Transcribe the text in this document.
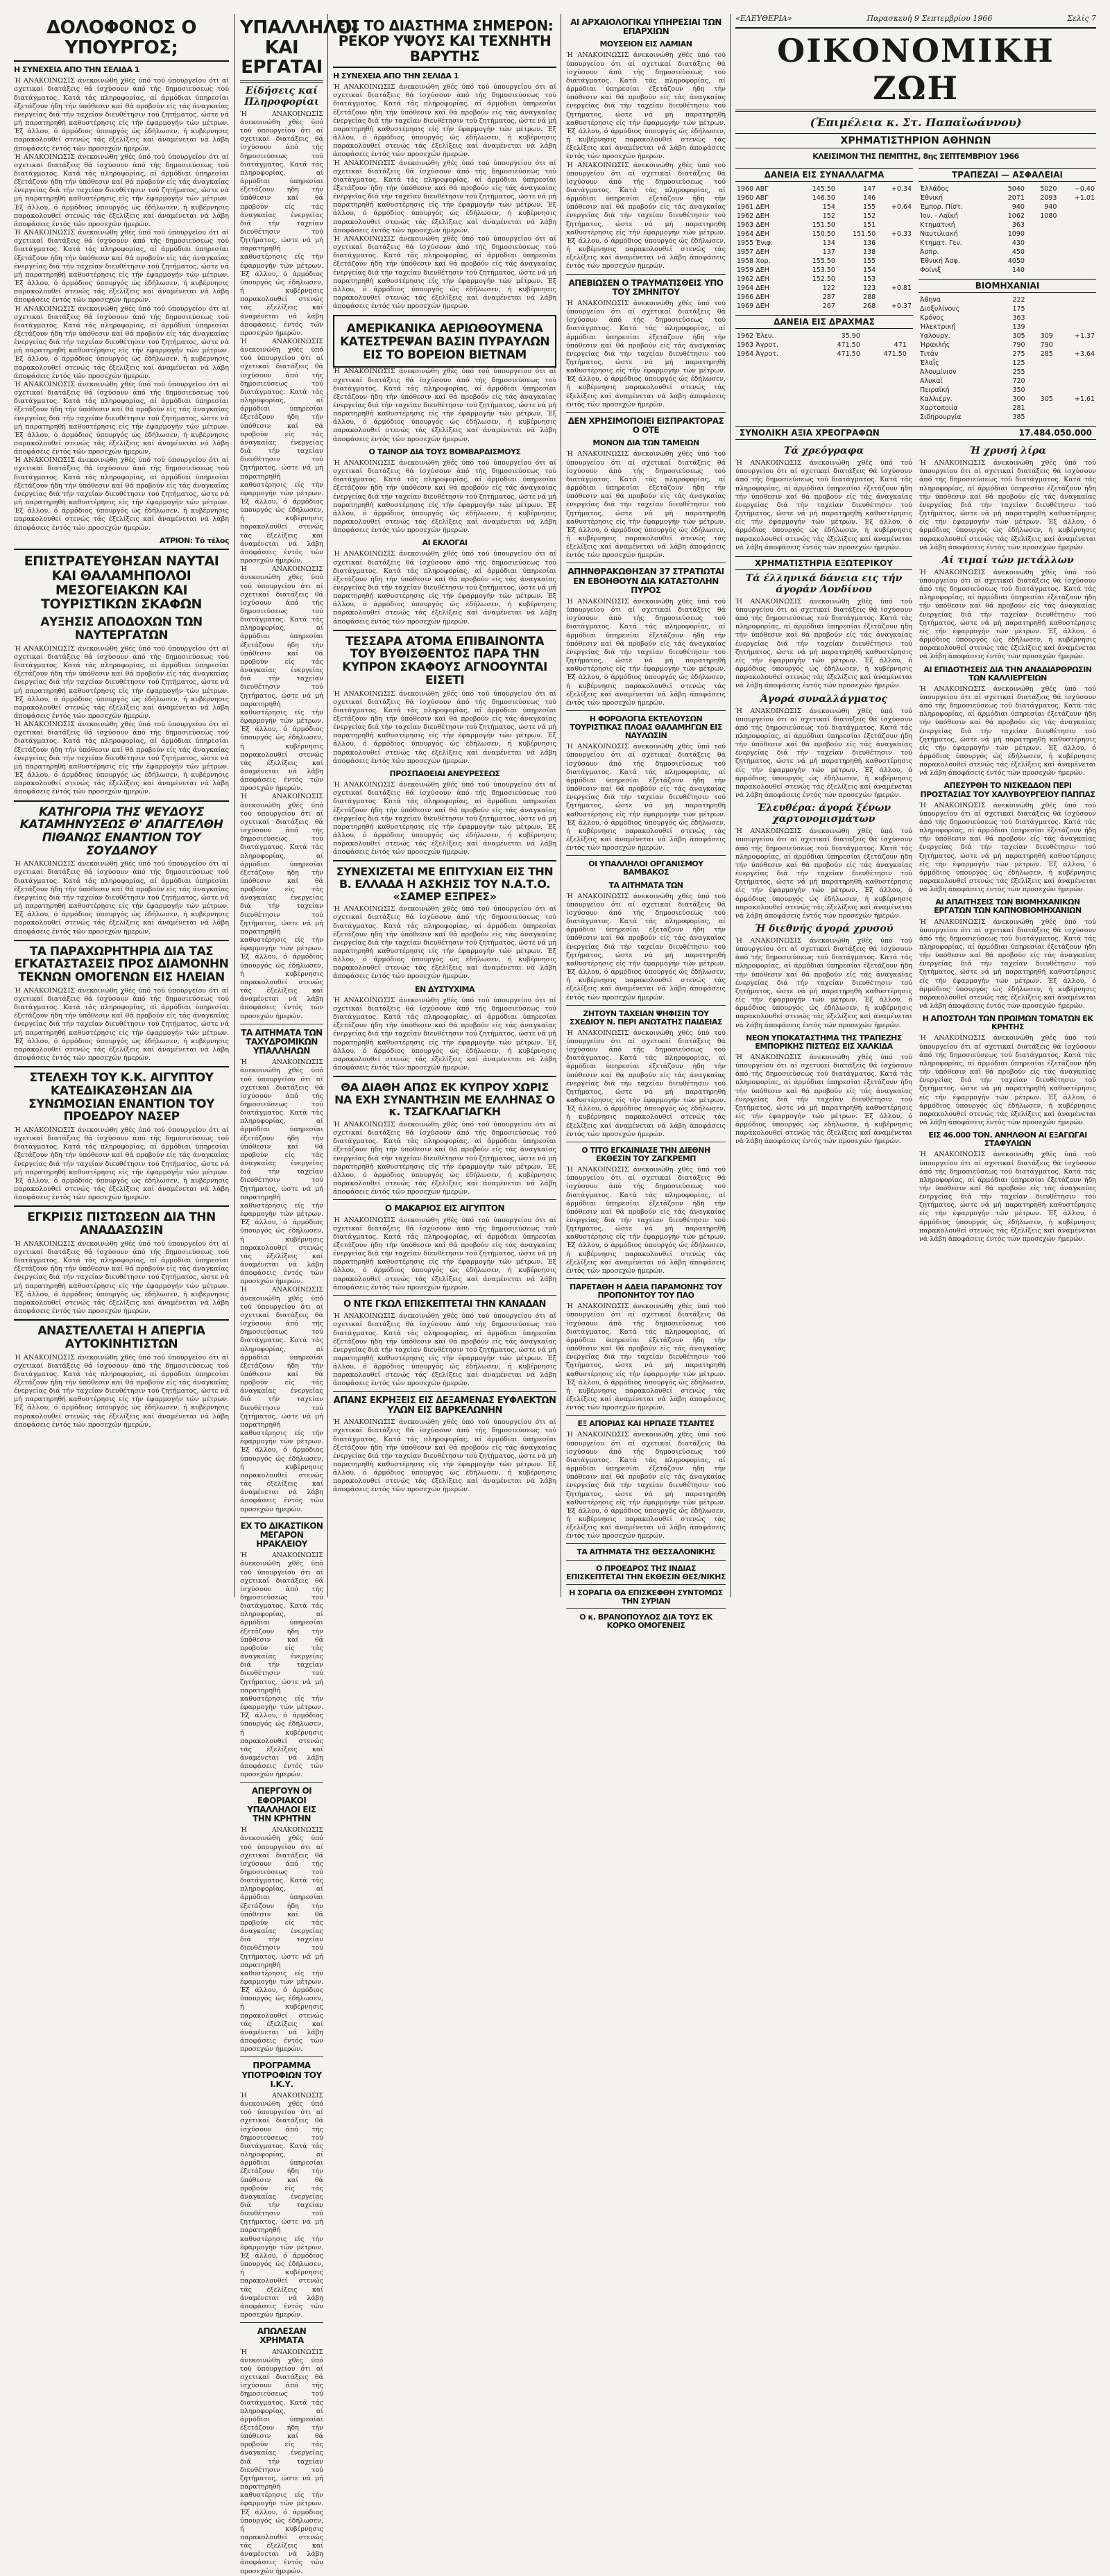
ΔΟΛΟΦΟΝΟΣ Ο ΥΠΟΥΡΓΟΣ;
Η ΣΥΝΕΧΕΙΑ ΑΠΟ ΤΗΝ ΣΕΛΙΔΑ 1

Ή ΑΝΑΚΟΙΝΩΣΙΣ άνεκοινώθη χθές ύπό τού ύπουργείου ότι αί σχετικαί διατάξεις θά ίσχύσουν άπό τής δημοσιεύσεως τού διατάγματος. Κατά τάς πληροφορίας, αί άρμόδιαι ύπηρεσίαι έξετάζουν ήδη τήν ύπόθεσιν καί θά προβούν είς τάς άναγκαίας ένεργείας διά τήν ταχείαν διευθέτησιν τού ζητήματος, ώστε νά μή παρατηρηθή καθυστέρησις είς τήν έφαρμογήν τών μέτρων. Έξ άλλου, ό άρμόδιος ύπουργός ώς έδήλωσεν, ή κυβέρνησις παρακολουθεί στενώς τάς έξελίξεις καί άναμένεται νά λάβη άποφάσεις έντός τών προσεχών ήμερών.

Ή ΑΝΑΚΟΙΝΩΣΙΣ άνεκοινώθη χθές ύπό τού ύπουργείου ότι αί σχετικαί διατάξεις θά ίσχύσουν άπό τής δημοσιεύσεως τού διατάγματος. Κατά τάς πληροφορίας, αί άρμόδιαι ύπηρεσίαι έξετάζουν ήδη τήν ύπόθεσιν καί θά προβούν είς τάς άναγκαίας ένεργείας διά τήν ταχείαν διευθέτησιν τού ζητήματος, ώστε νά μή παρατηρηθή καθυστέρησις είς τήν έφαρμογήν τών μέτρων. Έξ άλλου, ό άρμόδιος ύπουργός ώς έδήλωσεν, ή κυβέρνησις παρακολουθεί στενώς τάς έξελίξεις καί άναμένεται νά λάβη άποφάσεις έντός τών προσεχών ήμερών.

Ή ΑΝΑΚΟΙΝΩΣΙΣ άνεκοινώθη χθές ύπό τού ύπουργείου ότι αί σχετικαί διατάξεις θά ίσχύσουν άπό τής δημοσιεύσεως τού διατάγματος. Κατά τάς πληροφορίας, αί άρμόδιαι ύπηρεσίαι έξετάζουν ήδη τήν ύπόθεσιν καί θά προβούν είς τάς άναγκαίας ένεργείας διά τήν ταχείαν διευθέτησιν τού ζητήματος, ώστε νά μή παρατηρηθή καθυστέρησις είς τήν έφαρμογήν τών μέτρων. Έξ άλλου, ό άρμόδιος ύπουργός ώς έδήλωσεν, ή κυβέρνησις παρακολουθεί στενώς τάς έξελίξεις καί άναμένεται νά λάβη άποφάσεις έντός τών προσεχών ήμερών.

Ή ΑΝΑΚΟΙΝΩΣΙΣ άνεκοινώθη χθές ύπό τού ύπουργείου ότι αί σχετικαί διατάξεις θά ίσχύσουν άπό τής δημοσιεύσεως τού διατάγματος. Κατά τάς πληροφορίας, αί άρμόδιαι ύπηρεσίαι έξετάζουν ήδη τήν ύπόθεσιν καί θά προβούν είς τάς άναγκαίας ένεργείας διά τήν ταχείαν διευθέτησιν τού ζητήματος, ώστε νά μή παρατηρηθή καθυστέρησις είς τήν έφαρμογήν τών μέτρων. Έξ άλλου, ό άρμόδιος ύπουργός ώς έδήλωσεν, ή κυβέρνησις παρακολουθεί στενώς τάς έξελίξεις καί άναμένεται νά λάβη άποφάσεις έντός τών προσεχών ήμερών.

Ή ΑΝΑΚΟΙΝΩΣΙΣ άνεκοινώθη χθές ύπό τού ύπουργείου ότι αί σχετικαί διατάξεις θά ίσχύσουν άπό τής δημοσιεύσεως τού διατάγματος. Κατά τάς πληροφορίας, αί άρμόδιαι ύπηρεσίαι έξετάζουν ήδη τήν ύπόθεσιν καί θά προβούν είς τάς άναγκαίας ένεργείας διά τήν ταχείαν διευθέτησιν τού ζητήματος, ώστε νά μή παρατηρηθή καθυστέρησις είς τήν έφαρμογήν τών μέτρων. Έξ άλλου, ό άρμόδιος ύπουργός ώς έδήλωσεν, ή κυβέρνησις παρακολουθεί στενώς τάς έξελίξεις καί άναμένεται νά λάβη άποφάσεις έντός τών προσεχών ήμερών.

Ή ΑΝΑΚΟΙΝΩΣΙΣ άνεκοινώθη χθές ύπό τού ύπουργείου ότι αί σχετικαί διατάξεις θά ίσχύσουν άπό τής δημοσιεύσεως τού διατάγματος. Κατά τάς πληροφορίας, αί άρμόδιαι ύπηρεσίαι έξετάζουν ήδη τήν ύπόθεσιν καί θά προβούν είς τάς άναγκαίας ένεργείας διά τήν ταχείαν διευθέτησιν τού ζητήματος, ώστε νά μή παρατηρηθή καθυστέρησις είς τήν έφαρμογήν τών μέτρων. Έξ άλλου, ό άρμόδιος ύπουργός ώς έδήλωσεν, ή κυβέρνησις παρακολουθεί στενώς τάς έξελίξεις καί άναμένεται νά λάβη άποφάσεις έντός τών προσεχών ήμερών.

ΑΤΡΙΟΝ: Τό τέλος
ΕΠΙΣΤΡΑΤΕΥΘΗΣΑΝ ΝΑΥΤΑΙ ΚΑΙ ΘΑΛΑΜΗΠΟΛΟΙ ΜΕΣΟΓΕΙΑΚΩΝ ΚΑΙ ΤΟΥΡΙΣΤΙΚΩΝ ΣΚΑΦΩΝ
ΑΥΞΗΣΙΣ ΑΠΟΔΟΧΩΝ ΤΩΝ ΝΑΥΤΕΡΓΑΤΩΝ

Ή ΑΝΑΚΟΙΝΩΣΙΣ άνεκοινώθη χθές ύπό τού ύπουργείου ότι αί σχετικαί διατάξεις θά ίσχύσουν άπό τής δημοσιεύσεως τού διατάγματος. Κατά τάς πληροφορίας, αί άρμόδιαι ύπηρεσίαι έξετάζουν ήδη τήν ύπόθεσιν καί θά προβούν είς τάς άναγκαίας ένεργείας διά τήν ταχείαν διευθέτησιν τού ζητήματος, ώστε νά μή παρατηρηθή καθυστέρησις είς τήν έφαρμογήν τών μέτρων. Έξ άλλου, ό άρμόδιος ύπουργός ώς έδήλωσεν, ή κυβέρνησις παρακολουθεί στενώς τάς έξελίξεις καί άναμένεται νά λάβη άποφάσεις έντός τών προσεχών ήμερών.

Ή ΑΝΑΚΟΙΝΩΣΙΣ άνεκοινώθη χθές ύπό τού ύπουργείου ότι αί σχετικαί διατάξεις θά ίσχύσουν άπό τής δημοσιεύσεως τού διατάγματος. Κατά τάς πληροφορίας, αί άρμόδιαι ύπηρεσίαι έξετάζουν ήδη τήν ύπόθεσιν καί θά προβούν είς τάς άναγκαίας ένεργείας διά τήν ταχείαν διευθέτησιν τού ζητήματος, ώστε νά μή παρατηρηθή καθυστέρησις είς τήν έφαρμογήν τών μέτρων. Έξ άλλου, ό άρμόδιος ύπουργός ώς έδήλωσεν, ή κυβέρνησις παρακολουθεί στενώς τάς έξελίξεις καί άναμένεται νά λάβη άποφάσεις έντός τών προσεχών ήμερών.

ΚΑΤΗΓΟΡΙΑ ΤΗΣ ΨΕΥΔΟΥΣ ΚΑΤΑΜΗΝΥΣΕΩΣ Θ' ΑΠΑΓΓΕΛΘΗ ΠΙΘΑΝΩΣ ΕΝΑΝΤΙΟΝ ΤΟΥ ΣΟΥΔΑΝΟΥ

Ή ΑΝΑΚΟΙΝΩΣΙΣ άνεκοινώθη χθές ύπό τού ύπουργείου ότι αί σχετικαί διατάξεις θά ίσχύσουν άπό τής δημοσιεύσεως τού διατάγματος. Κατά τάς πληροφορίας, αί άρμόδιαι ύπηρεσίαι έξετάζουν ήδη τήν ύπόθεσιν καί θά προβούν είς τάς άναγκαίας ένεργείας διά τήν ταχείαν διευθέτησιν τού ζητήματος, ώστε νά μή παρατηρηθή καθυστέρησις είς τήν έφαρμογήν τών μέτρων. Έξ άλλου, ό άρμόδιος ύπουργός ώς έδήλωσεν, ή κυβέρνησις παρακολουθεί στενώς τάς έξελίξεις καί άναμένεται νά λάβη άποφάσεις έντός τών προσεχών ήμερών.

ΤΑ ΠΑΡΑΧΩΡΗΤΗΡΙΑ ΔΙΑ ΤΑΣ ΕΓΚΑΤΑΣΤΑΣΕΙΣ ΠΡΟΣ ΔΙΑΜΟΝΗΝ ΤΕΚΝΩΝ ΟΜΟΓΕΝΩΝ ΕΙΣ ΗΛΕΙΑΝ

Ή ΑΝΑΚΟΙΝΩΣΙΣ άνεκοινώθη χθές ύπό τού ύπουργείου ότι αί σχετικαί διατάξεις θά ίσχύσουν άπό τής δημοσιεύσεως τού διατάγματος. Κατά τάς πληροφορίας, αί άρμόδιαι ύπηρεσίαι έξετάζουν ήδη τήν ύπόθεσιν καί θά προβούν είς τάς άναγκαίας ένεργείας διά τήν ταχείαν διευθέτησιν τού ζητήματος, ώστε νά μή παρατηρηθή καθυστέρησις είς τήν έφαρμογήν τών μέτρων. Έξ άλλου, ό άρμόδιος ύπουργός ώς έδήλωσεν, ή κυβέρνησις παρακολουθεί στενώς τάς έξελίξεις καί άναμένεται νά λάβη άποφάσεις έντός τών προσεχών ήμερών.

ΣΤΕΛΕΧΗ ΤΟΥ Κ.Κ. ΑΙΓΥΠΤΟΥ ΚΑΤΕΔΙΚΑΣΘΗΣΑΝ ΔΙΑ ΣΥΝΩΜΟΣΙΑΝ ΕΝΑΝΤΙΟΝ ΤΟΥ ΠΡΟΕΔΡΟΥ ΝΑΣΕΡ

Ή ΑΝΑΚΟΙΝΩΣΙΣ άνεκοινώθη χθές ύπό τού ύπουργείου ότι αί σχετικαί διατάξεις θά ίσχύσουν άπό τής δημοσιεύσεως τού διατάγματος. Κατά τάς πληροφορίας, αί άρμόδιαι ύπηρεσίαι έξετάζουν ήδη τήν ύπόθεσιν καί θά προβούν είς τάς άναγκαίας ένεργείας διά τήν ταχείαν διευθέτησιν τού ζητήματος, ώστε νά μή παρατηρηθή καθυστέρησις είς τήν έφαρμογήν τών μέτρων. Έξ άλλου, ό άρμόδιος ύπουργός ώς έδήλωσεν, ή κυβέρνησις παρακολουθεί στενώς τάς έξελίξεις καί άναμένεται νά λάβη άποφάσεις έντός τών προσεχών ήμερών.

ΕΓΚΡΙΣΙΣ ΠΙΣΤΩΣΕΩΝ ΔΙΑ ΤΗΝ ΑΝΑΔΑΣΩΣΙΝ

Ή ΑΝΑΚΟΙΝΩΣΙΣ άνεκοινώθη χθές ύπό τού ύπουργείου ότι αί σχετικαί διατάξεις θά ίσχύσουν άπό τής δημοσιεύσεως τού διατάγματος. Κατά τάς πληροφορίας, αί άρμόδιαι ύπηρεσίαι έξετάζουν ήδη τήν ύπόθεσιν καί θά προβούν είς τάς άναγκαίας ένεργείας διά τήν ταχείαν διευθέτησιν τού ζητήματος, ώστε νά μή παρατηρηθή καθυστέρησις είς τήν έφαρμογήν τών μέτρων. Έξ άλλου, ό άρμόδιος ύπουργός ώς έδήλωσεν, ή κυβέρνησις παρακολουθεί στενώς τάς έξελίξεις καί άναμένεται νά λάβη άποφάσεις έντός τών προσεχών ήμερών.

ΑΝΑΣΤΕΛΛΕΤΑΙ Η ΑΠΕΡΓΙΑ ΑΥΤΟΚΙΝΗΤΙΣΤΩΝ

Ή ΑΝΑΚΟΙΝΩΣΙΣ άνεκοινώθη χθές ύπό τού ύπουργείου ότι αί σχετικαί διατάξεις θά ίσχύσουν άπό τής δημοσιεύσεως τού διατάγματος. Κατά τάς πληροφορίας, αί άρμόδιαι ύπηρεσίαι έξετάζουν ήδη τήν ύπόθεσιν καί θά προβούν είς τάς άναγκαίας ένεργείας διά τήν ταχείαν διευθέτησιν τού ζητήματος, ώστε νά μή παρατηρηθή καθυστέρησις είς τήν έφαρμογήν τών μέτρων. Έξ άλλου, ό άρμόδιος ύπουργός ώς έδήλωσεν, ή κυβέρνησις παρακολουθεί στενώς τάς έξελίξεις καί άναμένεται νά λάβη άποφάσεις έντός τών προσεχών ήμερών.

ΥΠΑΛΛΗΛΟΙ ΚΑΙ ΕΡΓΑΤΑΙ
Είδήσεις καί Πληροφορίαι

Ή ΑΝΑΚΟΙΝΩΣΙΣ άνεκοινώθη χθές ύπό τού ύπουργείου ότι αί σχετικαί διατάξεις θά ίσχύσουν άπό τής δημοσιεύσεως τού διατάγματος. Κατά τάς πληροφορίας, αί άρμόδιαι ύπηρεσίαι έξετάζουν ήδη τήν ύπόθεσιν καί θά προβούν είς τάς άναγκαίας ένεργείας διά τήν ταχείαν διευθέτησιν τού ζητήματος, ώστε νά μή παρατηρηθή καθυστέρησις είς τήν έφαρμογήν τών μέτρων. Έξ άλλου, ό άρμόδιος ύπουργός ώς έδήλωσεν, ή κυβέρνησις παρακολουθεί στενώς τάς έξελίξεις καί άναμένεται νά λάβη άποφάσεις έντός τών προσεχών ήμερών.

Ή ΑΝΑΚΟΙΝΩΣΙΣ άνεκοινώθη χθές ύπό τού ύπουργείου ότι αί σχετικαί διατάξεις θά ίσχύσουν άπό τής δημοσιεύσεως τού διατάγματος. Κατά τάς πληροφορίας, αί άρμόδιαι ύπηρεσίαι έξετάζουν ήδη τήν ύπόθεσιν καί θά προβούν είς τάς άναγκαίας ένεργείας διά τήν ταχείαν διευθέτησιν τού ζητήματος, ώστε νά μή παρατηρηθή καθυστέρησις είς τήν έφαρμογήν τών μέτρων. Έξ άλλου, ό άρμόδιος ύπουργός ώς έδήλωσεν, ή κυβέρνησις παρακολουθεί στενώς τάς έξελίξεις καί άναμένεται νά λάβη άποφάσεις έντός τών προσεχών ήμερών.

Ή ΑΝΑΚΟΙΝΩΣΙΣ άνεκοινώθη χθές ύπό τού ύπουργείου ότι αί σχετικαί διατάξεις θά ίσχύσουν άπό τής δημοσιεύσεως τού διατάγματος. Κατά τάς πληροφορίας, αί άρμόδιαι ύπηρεσίαι έξετάζουν ήδη τήν ύπόθεσιν καί θά προβούν είς τάς άναγκαίας ένεργείας διά τήν ταχείαν διευθέτησιν τού ζητήματος, ώστε νά μή παρατηρηθή καθυστέρησις είς τήν έφαρμογήν τών μέτρων. Έξ άλλου, ό άρμόδιος ύπουργός ώς έδήλωσεν, ή κυβέρνησις παρακολουθεί στενώς τάς έξελίξεις καί άναμένεται νά λάβη άποφάσεις έντός τών προσεχών ήμερών.

Ή ΑΝΑΚΟΙΝΩΣΙΣ άνεκοινώθη χθές ύπό τού ύπουργείου ότι αί σχετικαί διατάξεις θά ίσχύσουν άπό τής δημοσιεύσεως τού διατάγματος. Κατά τάς πληροφορίας, αί άρμόδιαι ύπηρεσίαι έξετάζουν ήδη τήν ύπόθεσιν καί θά προβούν είς τάς άναγκαίας ένεργείας διά τήν ταχείαν διευθέτησιν τού ζητήματος, ώστε νά μή παρατηρηθή καθυστέρησις είς τήν έφαρμογήν τών μέτρων. Έξ άλλου, ό άρμόδιος ύπουργός ώς έδήλωσεν, ή κυβέρνησις παρακολουθεί στενώς τάς έξελίξεις καί άναμένεται νά λάβη άποφάσεις έντός τών προσεχών ήμερών.

ΤΑ ΑΙΤΗΜΑΤΑ ΤΩΝ ΤΑΧΥΔΡΟΜΙΚΩΝ ΥΠΑΛΛΗΛΩΝ

Ή ΑΝΑΚΟΙΝΩΣΙΣ άνεκοινώθη χθές ύπό τού ύπουργείου ότι αί σχετικαί διατάξεις θά ίσχύσουν άπό τής δημοσιεύσεως τού διατάγματος. Κατά τάς πληροφορίας, αί άρμόδιαι ύπηρεσίαι έξετάζουν ήδη τήν ύπόθεσιν καί θά προβούν είς τάς άναγκαίας ένεργείας διά τήν ταχείαν διευθέτησιν τού ζητήματος, ώστε νά μή παρατηρηθή καθυστέρησις είς τήν έφαρμογήν τών μέτρων. Έξ άλλου, ό άρμόδιος ύπουργός ώς έδήλωσεν, ή κυβέρνησις παρακολουθεί στενώς τάς έξελίξεις καί άναμένεται νά λάβη άποφάσεις έντός τών προσεχών ήμερών.

Ή ΑΝΑΚΟΙΝΩΣΙΣ άνεκοινώθη χθές ύπό τού ύπουργείου ότι αί σχετικαί διατάξεις θά ίσχύσουν άπό τής δημοσιεύσεως τού διατάγματος. Κατά τάς πληροφορίας, αί άρμόδιαι ύπηρεσίαι έξετάζουν ήδη τήν ύπόθεσιν καί θά προβούν είς τάς άναγκαίας ένεργείας διά τήν ταχείαν διευθέτησιν τού ζητήματος, ώστε νά μή παρατηρηθή καθυστέρησις είς τήν έφαρμογήν τών μέτρων. Έξ άλλου, ό άρμόδιος ύπουργός ώς έδήλωσεν, ή κυβέρνησις παρακολουθεί στενώς τάς έξελίξεις καί άναμένεται νά λάβη άποφάσεις έντός τών προσεχών ήμερών.

ΕΧ ΤΟ ΔΙΚΑΣΤΙΚΟΝ ΜΕΓΑΡΟΝ ΗΡΑΚΛΕΙΟΥ

Ή ΑΝΑΚΟΙΝΩΣΙΣ άνεκοινώθη χθές ύπό τού ύπουργείου ότι αί σχετικαί διατάξεις θά ίσχύσουν άπό τής δημοσιεύσεως τού διατάγματος. Κατά τάς πληροφορίας, αί άρμόδιαι ύπηρεσίαι έξετάζουν ήδη τήν ύπόθεσιν καί θά προβούν είς τάς άναγκαίας ένεργείας διά τήν ταχείαν διευθέτησιν τού ζητήματος, ώστε νά μή παρατηρηθή καθυστέρησις είς τήν έφαρμογήν τών μέτρων. Έξ άλλου, ό άρμόδιος ύπουργός ώς έδήλωσεν, ή κυβέρνησις παρακολουθεί στενώς τάς έξελίξεις καί άναμένεται νά λάβη άποφάσεις έντός τών προσεχών ήμερών.

ΑΠΕΡΓΟΥΝ ΟΙ ΕΦΟΡΙΑΚΟΙ ΥΠΑΛΛΗΛΟΙ ΕΙΣ ΤΗΝ ΚΡΗΤΗΝ

Ή ΑΝΑΚΟΙΝΩΣΙΣ άνεκοινώθη χθές ύπό τού ύπουργείου ότι αί σχετικαί διατάξεις θά ίσχύσουν άπό τής δημοσιεύσεως τού διατάγματος. Κατά τάς πληροφορίας, αί άρμόδιαι ύπηρεσίαι έξετάζουν ήδη τήν ύπόθεσιν καί θά προβούν είς τάς άναγκαίας ένεργείας διά τήν ταχείαν διευθέτησιν τού ζητήματος, ώστε νά μή παρατηρηθή καθυστέρησις είς τήν έφαρμογήν τών μέτρων. Έξ άλλου, ό άρμόδιος ύπουργός ώς έδήλωσεν, ή κυβέρνησις παρακολουθεί στενώς τάς έξελίξεις καί άναμένεται νά λάβη άποφάσεις έντός τών προσεχών ήμερών.

ΠΡΟΓΡΑΜΜΑ ΥΠΟΤΡΟΦΙΩΝ ΤΟΥ Ι.Κ.Υ.

Ή ΑΝΑΚΟΙΝΩΣΙΣ άνεκοινώθη χθές ύπό τού ύπουργείου ότι αί σχετικαί διατάξεις θά ίσχύσουν άπό τής δημοσιεύσεως τού διατάγματος. Κατά τάς πληροφορίας, αί άρμόδιαι ύπηρεσίαι έξετάζουν ήδη τήν ύπόθεσιν καί θά προβούν είς τάς άναγκαίας ένεργείας διά τήν ταχείαν διευθέτησιν τού ζητήματος, ώστε νά μή παρατηρηθή καθυστέρησις είς τήν έφαρμογήν τών μέτρων. Έξ άλλου, ό άρμόδιος ύπουργός ώς έδήλωσεν, ή κυβέρνησις παρακολουθεί στενώς τάς έξελίξεις καί άναμένεται νά λάβη άποφάσεις έντός τών προσεχών ήμερών.

ΑΠΩΛΕΣΑΝ ΧΡΗΜΑΤΑ

Ή ΑΝΑΚΟΙΝΩΣΙΣ άνεκοινώθη χθές ύπό τού ύπουργείου ότι αί σχετικαί διατάξεις θά ίσχύσουν άπό τής δημοσιεύσεως τού διατάγματος. Κατά τάς πληροφορίας, αί άρμόδιαι ύπηρεσίαι έξετάζουν ήδη τήν ύπόθεσιν καί θά προβούν είς τάς άναγκαίας ένεργείας διά τήν ταχείαν διευθέτησιν τού ζητήματος, ώστε νά μή παρατηρηθή καθυστέρησις είς τήν έφαρμογήν τών μέτρων. Έξ άλλου, ό άρμόδιος ύπουργός ώς έδήλωσεν, ή κυβέρνησις παρακολουθεί στενώς τάς έξελίξεις καί άναμένεται νά λάβη άποφάσεις έντός τών προσεχών ήμερών.

ΕΙΣ ΤΟ ΔΙΑΣΤΗΜΑ ΣΗΜΕΡΟΝ: ΡΕΚΟΡ ΥΨΟΥΣ ΚΑΙ ΤΕΧΝΗΤΗ ΒΑΡΥΤΗΣ
Η ΣΥΝΕΧΕΙΑ ΑΠΟ ΤΗΝ ΣΕΛΙΔΑ 1

Ή ΑΝΑΚΟΙΝΩΣΙΣ άνεκοινώθη χθές ύπό τού ύπουργείου ότι αί σχετικαί διατάξεις θά ίσχύσουν άπό τής δημοσιεύσεως τού διατάγματος. Κατά τάς πληροφορίας, αί άρμόδιαι ύπηρεσίαι έξετάζουν ήδη τήν ύπόθεσιν καί θά προβούν είς τάς άναγκαίας ένεργείας διά τήν ταχείαν διευθέτησιν τού ζητήματος, ώστε νά μή παρατηρηθή καθυστέρησις είς τήν έφαρμογήν τών μέτρων. Έξ άλλου, ό άρμόδιος ύπουργός ώς έδήλωσεν, ή κυβέρνησις παρακολουθεί στενώς τάς έξελίξεις καί άναμένεται νά λάβη άποφάσεις έντός τών προσεχών ήμερών.

Ή ΑΝΑΚΟΙΝΩΣΙΣ άνεκοινώθη χθές ύπό τού ύπουργείου ότι αί σχετικαί διατάξεις θά ίσχύσουν άπό τής δημοσιεύσεως τού διατάγματος. Κατά τάς πληροφορίας, αί άρμόδιαι ύπηρεσίαι έξετάζουν ήδη τήν ύπόθεσιν καί θά προβούν είς τάς άναγκαίας ένεργείας διά τήν ταχείαν διευθέτησιν τού ζητήματος, ώστε νά μή παρατηρηθή καθυστέρησις είς τήν έφαρμογήν τών μέτρων. Έξ άλλου, ό άρμόδιος ύπουργός ώς έδήλωσεν, ή κυβέρνησις παρακολουθεί στενώς τάς έξελίξεις καί άναμένεται νά λάβη άποφάσεις έντός τών προσεχών ήμερών.

Ή ΑΝΑΚΟΙΝΩΣΙΣ άνεκοινώθη χθές ύπό τού ύπουργείου ότι αί σχετικαί διατάξεις θά ίσχύσουν άπό τής δημοσιεύσεως τού διατάγματος. Κατά τάς πληροφορίας, αί άρμόδιαι ύπηρεσίαι έξετάζουν ήδη τήν ύπόθεσιν καί θά προβούν είς τάς άναγκαίας ένεργείας διά τήν ταχείαν διευθέτησιν τού ζητήματος, ώστε νά μή παρατηρηθή καθυστέρησις είς τήν έφαρμογήν τών μέτρων. Έξ άλλου, ό άρμόδιος ύπουργός ώς έδήλωσεν, ή κυβέρνησις παρακολουθεί στενώς τάς έξελίξεις καί άναμένεται νά λάβη άποφάσεις έντός τών προσεχών ήμερών.

ΑΜΕΡΙΚΑΝΙΚΑ ΑΕΡΙΩΘΟΥΜΕΝΑ ΚΑΤΕΣΤΡΕΨΑΝ ΒΑΣΙΝ ΠΥΡΑΥΛΩΝ ΕΙΣ ΤΟ ΒΟΡΕΙΟΝ ΒΙΕΤΝΑΜ

Ή ΑΝΑΚΟΙΝΩΣΙΣ άνεκοινώθη χθές ύπό τού ύπουργείου ότι αί σχετικαί διατάξεις θά ίσχύσουν άπό τής δημοσιεύσεως τού διατάγματος. Κατά τάς πληροφορίας, αί άρμόδιαι ύπηρεσίαι έξετάζουν ήδη τήν ύπόθεσιν καί θά προβούν είς τάς άναγκαίας ένεργείας διά τήν ταχείαν διευθέτησιν τού ζητήματος, ώστε νά μή παρατηρηθή καθυστέρησις είς τήν έφαρμογήν τών μέτρων. Έξ άλλου, ό άρμόδιος ύπουργός ώς έδήλωσεν, ή κυβέρνησις παρακολουθεί στενώς τάς έξελίξεις καί άναμένεται νά λάβη άποφάσεις έντός τών προσεχών ήμερών.

Ο ΤΑΙΝΟΡ ΔΙΑ ΤΟΥΣ ΒΟΜΒΑΡΔΙΣΜΟΥΣ

Ή ΑΝΑΚΟΙΝΩΣΙΣ άνεκοινώθη χθές ύπό τού ύπουργείου ότι αί σχετικαί διατάξεις θά ίσχύσουν άπό τής δημοσιεύσεως τού διατάγματος. Κατά τάς πληροφορίας, αί άρμόδιαι ύπηρεσίαι έξετάζουν ήδη τήν ύπόθεσιν καί θά προβούν είς τάς άναγκαίας ένεργείας διά τήν ταχείαν διευθέτησιν τού ζητήματος, ώστε νά μή παρατηρηθή καθυστέρησις είς τήν έφαρμογήν τών μέτρων. Έξ άλλου, ό άρμόδιος ύπουργός ώς έδήλωσεν, ή κυβέρνησις παρακολουθεί στενώς τάς έξελίξεις καί άναμένεται νά λάβη άποφάσεις έντός τών προσεχών ήμερών.

ΑΙ ΕΚΛΟΓΑΙ

Ή ΑΝΑΚΟΙΝΩΣΙΣ άνεκοινώθη χθές ύπό τού ύπουργείου ότι αί σχετικαί διατάξεις θά ίσχύσουν άπό τής δημοσιεύσεως τού διατάγματος. Κατά τάς πληροφορίας, αί άρμόδιαι ύπηρεσίαι έξετάζουν ήδη τήν ύπόθεσιν καί θά προβούν είς τάς άναγκαίας ένεργείας διά τήν ταχείαν διευθέτησιν τού ζητήματος, ώστε νά μή παρατηρηθή καθυστέρησις είς τήν έφαρμογήν τών μέτρων. Έξ άλλου, ό άρμόδιος ύπουργός ώς έδήλωσεν, ή κυβέρνησις παρακολουθεί στενώς τάς έξελίξεις καί άναμένεται νά λάβη άποφάσεις έντός τών προσεχών ήμερών.

ΤΕΣΣΑΡΑ ΑΤΟΜΑ ΕΠΙΒΑΙΝΟΝΤΑ ΤΟΥ ΒΥΘΙΣΘΕΝΤΟΣ ΠΑΡΑ ΤΗΝ ΚΥΠΡΟΝ ΣΚΑΦΟΥΣ ΑΓΝΟΟΥΝΤΑΙ ΕΙΣΕΤΙ

Ή ΑΝΑΚΟΙΝΩΣΙΣ άνεκοινώθη χθές ύπό τού ύπουργείου ότι αί σχετικαί διατάξεις θά ίσχύσουν άπό τής δημοσιεύσεως τού διατάγματος. Κατά τάς πληροφορίας, αί άρμόδιαι ύπηρεσίαι έξετάζουν ήδη τήν ύπόθεσιν καί θά προβούν είς τάς άναγκαίας ένεργείας διά τήν ταχείαν διευθέτησιν τού ζητήματος, ώστε νά μή παρατηρηθή καθυστέρησις είς τήν έφαρμογήν τών μέτρων. Έξ άλλου, ό άρμόδιος ύπουργός ώς έδήλωσεν, ή κυβέρνησις παρακολουθεί στενώς τάς έξελίξεις καί άναμένεται νά λάβη άποφάσεις έντός τών προσεχών ήμερών.

ΠΡΟΣΠΑΘΕΙΑΙ ΑΝΕΥΡΕΣΕΩΣ

Ή ΑΝΑΚΟΙΝΩΣΙΣ άνεκοινώθη χθές ύπό τού ύπουργείου ότι αί σχετικαί διατάξεις θά ίσχύσουν άπό τής δημοσιεύσεως τού διατάγματος. Κατά τάς πληροφορίας, αί άρμόδιαι ύπηρεσίαι έξετάζουν ήδη τήν ύπόθεσιν καί θά προβούν είς τάς άναγκαίας ένεργείας διά τήν ταχείαν διευθέτησιν τού ζητήματος, ώστε νά μή παρατηρηθή καθυστέρησις είς τήν έφαρμογήν τών μέτρων. Έξ άλλου, ό άρμόδιος ύπουργός ώς έδήλωσεν, ή κυβέρνησις παρακολουθεί στενώς τάς έξελίξεις καί άναμένεται νά λάβη άποφάσεις έντός τών προσεχών ήμερών.

ΣΥΝΕΧΙΖΕΤΑΙ ΜΕ ΕΠΙΤΥΧΙΑΝ ΕΙΣ ΤΗΝ Β. ΕΛΛΑΔΑ Η ΑΣΚΗΣΙΣ ΤΟΥ Ν.Α.Τ.Ο. «ΣΑΜΕΡ ΕΞΠΡΕΣ»

Ή ΑΝΑΚΟΙΝΩΣΙΣ άνεκοινώθη χθές ύπό τού ύπουργείου ότι αί σχετικαί διατάξεις θά ίσχύσουν άπό τής δημοσιεύσεως τού διατάγματος. Κατά τάς πληροφορίας, αί άρμόδιαι ύπηρεσίαι έξετάζουν ήδη τήν ύπόθεσιν καί θά προβούν είς τάς άναγκαίας ένεργείας διά τήν ταχείαν διευθέτησιν τού ζητήματος, ώστε νά μή παρατηρηθή καθυστέρησις είς τήν έφαρμογήν τών μέτρων. Έξ άλλου, ό άρμόδιος ύπουργός ώς έδήλωσεν, ή κυβέρνησις παρακολουθεί στενώς τάς έξελίξεις καί άναμένεται νά λάβη άποφάσεις έντός τών προσεχών ήμερών.

ΕΝ ΔΥΣΤΥΧΙΜΑ

Ή ΑΝΑΚΟΙΝΩΣΙΣ άνεκοινώθη χθές ύπό τού ύπουργείου ότι αί σχετικαί διατάξεις θά ίσχύσουν άπό τής δημοσιεύσεως τού διατάγματος. Κατά τάς πληροφορίας, αί άρμόδιαι ύπηρεσίαι έξετάζουν ήδη τήν ύπόθεσιν καί θά προβούν είς τάς άναγκαίας ένεργείας διά τήν ταχείαν διευθέτησιν τού ζητήματος, ώστε νά μή παρατηρηθή καθυστέρησις είς τήν έφαρμογήν τών μέτρων. Έξ άλλου, ό άρμόδιος ύπουργός ώς έδήλωσεν, ή κυβέρνησις παρακολουθεί στενώς τάς έξελίξεις καί άναμένεται νά λάβη άποφάσεις έντός τών προσεχών ήμερών.

ΘΑ ΔΙΑΘΗ ΑΠΩΣ ΕΚ ΚΥΠΡΟΥ ΧΩΡΙΣ ΝΑ ΕΧΗ ΣΥΝΑΝΤΗΣΙΝ ΜΕ ΕΛΛΗΝΑΣ Ο κ. ΤΣΑΓΚΛΑΓΙΑΓΚΗ

Ή ΑΝΑΚΟΙΝΩΣΙΣ άνεκοινώθη χθές ύπό τού ύπουργείου ότι αί σχετικαί διατάξεις θά ίσχύσουν άπό τής δημοσιεύσεως τού διατάγματος. Κατά τάς πληροφορίας, αί άρμόδιαι ύπηρεσίαι έξετάζουν ήδη τήν ύπόθεσιν καί θά προβούν είς τάς άναγκαίας ένεργείας διά τήν ταχείαν διευθέτησιν τού ζητήματος, ώστε νά μή παρατηρηθή καθυστέρησις είς τήν έφαρμογήν τών μέτρων. Έξ άλλου, ό άρμόδιος ύπουργός ώς έδήλωσεν, ή κυβέρνησις παρακολουθεί στενώς τάς έξελίξεις καί άναμένεται νά λάβη άποφάσεις έντός τών προσεχών ήμερών.

Ο ΜΑΚΑΡΙΟΣ ΕΙΣ ΑΙΓΥΠΤΟΝ

Ή ΑΝΑΚΟΙΝΩΣΙΣ άνεκοινώθη χθές ύπό τού ύπουργείου ότι αί σχετικαί διατάξεις θά ίσχύσουν άπό τής δημοσιεύσεως τού διατάγματος. Κατά τάς πληροφορίας, αί άρμόδιαι ύπηρεσίαι έξετάζουν ήδη τήν ύπόθεσιν καί θά προβούν είς τάς άναγκαίας ένεργείας διά τήν ταχείαν διευθέτησιν τού ζητήματος, ώστε νά μή παρατηρηθή καθυστέρησις είς τήν έφαρμογήν τών μέτρων. Έξ άλλου, ό άρμόδιος ύπουργός ώς έδήλωσεν, ή κυβέρνησις παρακολουθεί στενώς τάς έξελίξεις καί άναμένεται νά λάβη άποφάσεις έντός τών προσεχών ήμερών.

Ο ΝΤΕ ΓΚΩΛ ΕΠΙΣΚΕΠΤΕΤΑΙ ΤΗΝ ΚΑΝΑΔΑΝ

Ή ΑΝΑΚΟΙΝΩΣΙΣ άνεκοινώθη χθές ύπό τού ύπουργείου ότι αί σχετικαί διατάξεις θά ίσχύσουν άπό τής δημοσιεύσεως τού διατάγματος. Κατά τάς πληροφορίας, αί άρμόδιαι ύπηρεσίαι έξετάζουν ήδη τήν ύπόθεσιν καί θά προβούν είς τάς άναγκαίας ένεργείας διά τήν ταχείαν διευθέτησιν τού ζητήματος, ώστε νά μή παρατηρηθή καθυστέρησις είς τήν έφαρμογήν τών μέτρων. Έξ άλλου, ό άρμόδιος ύπουργός ώς έδήλωσεν, ή κυβέρνησις παρακολουθεί στενώς τάς έξελίξεις καί άναμένεται νά λάβη άποφάσεις έντός τών προσεχών ήμερών.

ΑΠΑΝΣ ΕΚΡΗΞΕΙΣ ΕΙΣ ΔΕΞΑΜΕΝΑΣ ΕΥΦΛΕΚΤΩΝ ΥΛΩΝ ΕΙΣ ΒΑΡΚΕΛΩΝΗΝ

Ή ΑΝΑΚΟΙΝΩΣΙΣ άνεκοινώθη χθές ύπό τού ύπουργείου ότι αί σχετικαί διατάξεις θά ίσχύσουν άπό τής δημοσιεύσεως τού διατάγματος. Κατά τάς πληροφορίας, αί άρμόδιαι ύπηρεσίαι έξετάζουν ήδη τήν ύπόθεσιν καί θά προβούν είς τάς άναγκαίας ένεργείας διά τήν ταχείαν διευθέτησιν τού ζητήματος, ώστε νά μή παρατηρηθή καθυστέρησις είς τήν έφαρμογήν τών μέτρων. Έξ άλλου, ό άρμόδιος ύπουργός ώς έδήλωσεν, ή κυβέρνησις παρακολουθεί στενώς τάς έξελίξεις καί άναμένεται νά λάβη άποφάσεις έντός τών προσεχών ήμερών.

ΑΙ ΑΡΧΑΙΟΛΟΓΙΚΑΙ ΥΠΗΡΕΣΙΑΙ ΤΩΝ ΕΠΑΡΧΙΩΝ
ΜΟΥΣΕΙΟΝ ΕΙΣ ΛΑΜΙΑΝ

Ή ΑΝΑΚΟΙΝΩΣΙΣ άνεκοινώθη χθές ύπό τού ύπουργείου ότι αί σχετικαί διατάξεις θά ίσχύσουν άπό τής δημοσιεύσεως τού διατάγματος. Κατά τάς πληροφορίας, αί άρμόδιαι ύπηρεσίαι έξετάζουν ήδη τήν ύπόθεσιν καί θά προβούν είς τάς άναγκαίας ένεργείας διά τήν ταχείαν διευθέτησιν τού ζητήματος, ώστε νά μή παρατηρηθή καθυστέρησις είς τήν έφαρμογήν τών μέτρων. Έξ άλλου, ό άρμόδιος ύπουργός ώς έδήλωσεν, ή κυβέρνησις παρακολουθεί στενώς τάς έξελίξεις καί άναμένεται νά λάβη άποφάσεις έντός τών προσεχών ήμερών.

Ή ΑΝΑΚΟΙΝΩΣΙΣ άνεκοινώθη χθές ύπό τού ύπουργείου ότι αί σχετικαί διατάξεις θά ίσχύσουν άπό τής δημοσιεύσεως τού διατάγματος. Κατά τάς πληροφορίας, αί άρμόδιαι ύπηρεσίαι έξετάζουν ήδη τήν ύπόθεσιν καί θά προβούν είς τάς άναγκαίας ένεργείας διά τήν ταχείαν διευθέτησιν τού ζητήματος, ώστε νά μή παρατηρηθή καθυστέρησις είς τήν έφαρμογήν τών μέτρων. Έξ άλλου, ό άρμόδιος ύπουργός ώς έδήλωσεν, ή κυβέρνησις παρακολουθεί στενώς τάς έξελίξεις καί άναμένεται νά λάβη άποφάσεις έντός τών προσεχών ήμερών.

ΑΠΕΒΙΩΣΕΝ Ο ΤΡΑΥΜΑΤΙΣΘΕΙΣ ΥΠΟ ΤΟΥ ΣΜΗΝΙΤΟΥ

Ή ΑΝΑΚΟΙΝΩΣΙΣ άνεκοινώθη χθές ύπό τού ύπουργείου ότι αί σχετικαί διατάξεις θά ίσχύσουν άπό τής δημοσιεύσεως τού διατάγματος. Κατά τάς πληροφορίας, αί άρμόδιαι ύπηρεσίαι έξετάζουν ήδη τήν ύπόθεσιν καί θά προβούν είς τάς άναγκαίας ένεργείας διά τήν ταχείαν διευθέτησιν τού ζητήματος, ώστε νά μή παρατηρηθή καθυστέρησις είς τήν έφαρμογήν τών μέτρων. Έξ άλλου, ό άρμόδιος ύπουργός ώς έδήλωσεν, ή κυβέρνησις παρακολουθεί στενώς τάς έξελίξεις καί άναμένεται νά λάβη άποφάσεις έντός τών προσεχών ήμερών.

ΔΕΝ ΧΡΗΣΙΜΟΠΟΙΕΙ ΕΙΣΠΡΑΚΤΟΡΑΣ Ο ΟΤΕ
ΜΟΝΟΝ ΔΙΑ ΤΩΝ ΤΑΜΕΙΩΝ

Ή ΑΝΑΚΟΙΝΩΣΙΣ άνεκοινώθη χθές ύπό τού ύπουργείου ότι αί σχετικαί διατάξεις θά ίσχύσουν άπό τής δημοσιεύσεως τού διατάγματος. Κατά τάς πληροφορίας, αί άρμόδιαι ύπηρεσίαι έξετάζουν ήδη τήν ύπόθεσιν καί θά προβούν είς τάς άναγκαίας ένεργείας διά τήν ταχείαν διευθέτησιν τού ζητήματος, ώστε νά μή παρατηρηθή καθυστέρησις είς τήν έφαρμογήν τών μέτρων. Έξ άλλου, ό άρμόδιος ύπουργός ώς έδήλωσεν, ή κυβέρνησις παρακολουθεί στενώς τάς έξελίξεις καί άναμένεται νά λάβη άποφάσεις έντός τών προσεχών ήμερών.

ΑΠΗΝΘΡΑΚΩΘΗΣΑΝ 37 ΣΤΡΑΤΙΩΤΑΙ ΕΝ ΕΒΟΗΘΟΥΝ ΔΙΑ ΚΑΤΑΣΤΟΛΗΝ ΠΥΡΟΣ

Ή ΑΝΑΚΟΙΝΩΣΙΣ άνεκοινώθη χθές ύπό τού ύπουργείου ότι αί σχετικαί διατάξεις θά ίσχύσουν άπό τής δημοσιεύσεως τού διατάγματος. Κατά τάς πληροφορίας, αί άρμόδιαι ύπηρεσίαι έξετάζουν ήδη τήν ύπόθεσιν καί θά προβούν είς τάς άναγκαίας ένεργείας διά τήν ταχείαν διευθέτησιν τού ζητήματος, ώστε νά μή παρατηρηθή καθυστέρησις είς τήν έφαρμογήν τών μέτρων. Έξ άλλου, ό άρμόδιος ύπουργός ώς έδήλωσεν, ή κυβέρνησις παρακολουθεί στενώς τάς έξελίξεις καί άναμένεται νά λάβη άποφάσεις έντός τών προσεχών ήμερών.

Η ΦΟΡΟΛΟΓΙΑ ΕΚΤΕΛΟΥΣΩΝ ΤΟΥΡΙΣΤΙΚΑΣ ΠΛΟΑΣ ΘΑΛΑΜΗΓΩΝ ΕΙΣ ΝΑΥΛΩΣΙΝ

Ή ΑΝΑΚΟΙΝΩΣΙΣ άνεκοινώθη χθές ύπό τού ύπουργείου ότι αί σχετικαί διατάξεις θά ίσχύσουν άπό τής δημοσιεύσεως τού διατάγματος. Κατά τάς πληροφορίας, αί άρμόδιαι ύπηρεσίαι έξετάζουν ήδη τήν ύπόθεσιν καί θά προβούν είς τάς άναγκαίας ένεργείας διά τήν ταχείαν διευθέτησιν τού ζητήματος, ώστε νά μή παρατηρηθή καθυστέρησις είς τήν έφαρμογήν τών μέτρων. Έξ άλλου, ό άρμόδιος ύπουργός ώς έδήλωσεν, ή κυβέρνησις παρακολουθεί στενώς τάς έξελίξεις καί άναμένεται νά λάβη άποφάσεις έντός τών προσεχών ήμερών.

ΟΙ ΥΠΑΛΛΗΛΟΙ ΟΡΓΑΝΙΣΜΟΥ ΒΑΜΒΑΚΟΣ
ΤΑ ΑΙΤΗΜΑΤΑ ΤΩΝ

Ή ΑΝΑΚΟΙΝΩΣΙΣ άνεκοινώθη χθές ύπό τού ύπουργείου ότι αί σχετικαί διατάξεις θά ίσχύσουν άπό τής δημοσιεύσεως τού διατάγματος. Κατά τάς πληροφορίας, αί άρμόδιαι ύπηρεσίαι έξετάζουν ήδη τήν ύπόθεσιν καί θά προβούν είς τάς άναγκαίας ένεργείας διά τήν ταχείαν διευθέτησιν τού ζητήματος, ώστε νά μή παρατηρηθή καθυστέρησις είς τήν έφαρμογήν τών μέτρων. Έξ άλλου, ό άρμόδιος ύπουργός ώς έδήλωσεν, ή κυβέρνησις παρακολουθεί στενώς τάς έξελίξεις καί άναμένεται νά λάβη άποφάσεις έντός τών προσεχών ήμερών.

ΖΗΤΟΥΝ ΤΑΧΕΙΑΝ ΨΗΦΙΣΙΝ ΤΟΥ ΣΧΕΔΙΟΥ Ν. ΠΕΡΙ ΑΝΩΤΑΤΗΣ ΠΑΙΔΕΙΑΣ

Ή ΑΝΑΚΟΙΝΩΣΙΣ άνεκοινώθη χθές ύπό τού ύπουργείου ότι αί σχετικαί διατάξεις θά ίσχύσουν άπό τής δημοσιεύσεως τού διατάγματος. Κατά τάς πληροφορίας, αί άρμόδιαι ύπηρεσίαι έξετάζουν ήδη τήν ύπόθεσιν καί θά προβούν είς τάς άναγκαίας ένεργείας διά τήν ταχείαν διευθέτησιν τού ζητήματος, ώστε νά μή παρατηρηθή καθυστέρησις είς τήν έφαρμογήν τών μέτρων. Έξ άλλου, ό άρμόδιος ύπουργός ώς έδήλωσεν, ή κυβέρνησις παρακολουθεί στενώς τάς έξελίξεις καί άναμένεται νά λάβη άποφάσεις έντός τών προσεχών ήμερών.

Ο ΤΙΤΟ ΕΓΚΑΙΝΙΑΣΕ ΤΗΝ ΔΙΕΘΝΗ ΕΚΘΕΣΙΝ ΤΟΥ ΖΑΓΚΡΕΜΠ

Ή ΑΝΑΚΟΙΝΩΣΙΣ άνεκοινώθη χθές ύπό τού ύπουργείου ότι αί σχετικαί διατάξεις θά ίσχύσουν άπό τής δημοσιεύσεως τού διατάγματος. Κατά τάς πληροφορίας, αί άρμόδιαι ύπηρεσίαι έξετάζουν ήδη τήν ύπόθεσιν καί θά προβούν είς τάς άναγκαίας ένεργείας διά τήν ταχείαν διευθέτησιν τού ζητήματος, ώστε νά μή παρατηρηθή καθυστέρησις είς τήν έφαρμογήν τών μέτρων. Έξ άλλου, ό άρμόδιος ύπουργός ώς έδήλωσεν, ή κυβέρνησις παρακολουθεί στενώς τάς έξελίξεις καί άναμένεται νά λάβη άποφάσεις έντός τών προσεχών ήμερών.

ΠΑΡΕΤΑΘΗ Η ΑΔΕΙΑ ΠΑΡΑΜΟΝΗΣ ΤΟΥ ΠΡΟΠΟΝΗΤΟΥ ΤΟΥ ΠΑΟ

Ή ΑΝΑΚΟΙΝΩΣΙΣ άνεκοινώθη χθές ύπό τού ύπουργείου ότι αί σχετικαί διατάξεις θά ίσχύσουν άπό τής δημοσιεύσεως τού διατάγματος. Κατά τάς πληροφορίας, αί άρμόδιαι ύπηρεσίαι έξετάζουν ήδη τήν ύπόθεσιν καί θά προβούν είς τάς άναγκαίας ένεργείας διά τήν ταχείαν διευθέτησιν τού ζητήματος, ώστε νά μή παρατηρηθή καθυστέρησις είς τήν έφαρμογήν τών μέτρων. Έξ άλλου, ό άρμόδιος ύπουργός ώς έδήλωσεν, ή κυβέρνησις παρακολουθεί στενώς τάς έξελίξεις καί άναμένεται νά λάβη άποφάσεις έντός τών προσεχών ήμερών.

ΕΞ ΑΠΟΡΙΑΣ ΚΑΙ ΗΡΠΑΣΕ ΤΣΑΝΤΕΣ

Ή ΑΝΑΚΟΙΝΩΣΙΣ άνεκοινώθη χθές ύπό τού ύπουργείου ότι αί σχετικαί διατάξεις θά ίσχύσουν άπό τής δημοσιεύσεως τού διατάγματος. Κατά τάς πληροφορίας, αί άρμόδιαι ύπηρεσίαι έξετάζουν ήδη τήν ύπόθεσιν καί θά προβούν είς τάς άναγκαίας ένεργείας διά τήν ταχείαν διευθέτησιν τού ζητήματος, ώστε νά μή παρατηρηθή καθυστέρησις είς τήν έφαρμογήν τών μέτρων. Έξ άλλου, ό άρμόδιος ύπουργός ώς έδήλωσεν, ή κυβέρνησις παρακολουθεί στενώς τάς έξελίξεις καί άναμένεται νά λάβη άποφάσεις έντός τών προσεχών ήμερών.

ΤΑ ΑΙΤΗΜΑΤΑ ΤΗΣ ΘΕΣΣΑΛΟΝΙΚΗΣ
Ο ΠΡΟΕΔΡΟΣ ΤΗΣ ΙΝΔΙΑΣ ΕΠΙΣΚΕΠΤΕΤΑΙ ΤΗΝ ΕΚΘΕΣΙΝ ΘΕΣ/ΝΙΚΗΣ
Η ΣΟΡΑΓΙΑ ΘΑ ΕΠΙΣΚΕΦΘΗ ΣΥΝΤΟΜΩΣ ΤΗΝ ΣΥΡΙΑΝ
Ο κ. ΒΡΑΝΟΠΟΥΛΟΣ ΔΙΑ ΤΟΥΣ ΕΚ ΚΟΡΚΟ ΟΜΟΓΕΝΕΙΣ
«ΕΛΕΥΘΕΡΙΑ»	Παρασκευή 9 Σεπτεμβρίου 1966	Σελίς 7
ΟΙΚΟΝΟΜΙΚΗ ΖΩΗ
(Έπιμέλεια κ. Στ. Παπαϊωάννου)
ΧΡΗΜΑΤΙΣΤΗΡΙΟΝ ΑΘΗΝΩΝ
ΚΛΕΙΣΙΜΟΝ ΤΗΣ ΠΕΜΠΤΗΣ, 8ης ΣΕΠΤΕΜΒΡΙΟΥ 1966
ΔΑΝΕΙΑ ΕΙΣ ΣΥΝΑΛΛΑΓΜΑ
1960 ΑΒΓ	145.50	147	+0.34
1960 ΑΒΓ	146.50	146	
1961 ΔΕΗ	154	155	+0.64
1962 ΔΕΗ	152	152	
1963 ΔΕΗ	151.50	151	
1964 ΔΕΗ	150.50	151.50	+0.33
1955 Ένιφ.	134	136	
1957 ΔΕΗ	137	138	
1958 Χορ.	155.50	155	
1959 ΔΕΗ	153.50	154	
1962 ΔΕΗ	152.50	153	
1964 ΔΕΗ	122	123	+0.81
1966 ΔΕΗ	287	288	
1969 ΔΕΗ	267	268	+0.37
ΔΑΝΕΙΑ ΕΙΣ ΔΡΑΧΜΑΣ
1962 Έλευ.	35.90		
1963 Άγροτ.	471.50	471	
1964 Άγροτ.	471.50	471.50	
ΤΡΑΠΕΖΑΙ — ΑΣΦΑΛΕΙΑΙ
Έλλάδος	5040	5020	−0.40
Έθνική	2071	2093	+1.01
Έμπορ. Πίστ.	940	940	
Ίον. - Λαϊκή	1062	1080	
Κτηματική	363		
Ναυτιλιακή	1090		
Κτηματ. Γεν.	430		
Άσπρ.	450		
Έθνική Άσφ.	4050		
Φοίνιξ	140		
ΒΙΟΜΗΧΑΝΙΑΙ
Άθηνα	222		
Διοξυλίνους	175		
Κρόνος	363		
Ήλεκτρική	139		
Υαλουργ.	305	309	+1.37
Ήρακλής	790	790	
Τιτάν	275	285	+3.64
Έλαΐς	125		
Άλουμίνιον	255		
Αλυκαί	720		
Πειραϊκή	350		
Καλλιέργ.	300	305	+1.61
Χαρτοποιία	281		
Σιδηρουργία	385		
ΣΥΝΟΛΙΚΗ ΑΞΙΑ ΧΡΕΟΓΡΑΦΩΝ	17.484.050.000
Τά χρεόγραφα

Ή ΑΝΑΚΟΙΝΩΣΙΣ άνεκοινώθη χθές ύπό τού ύπουργείου ότι αί σχετικαί διατάξεις θά ίσχύσουν άπό τής δημοσιεύσεως τού διατάγματος. Κατά τάς πληροφορίας, αί άρμόδιαι ύπηρεσίαι έξετάζουν ήδη τήν ύπόθεσιν καί θά προβούν είς τάς άναγκαίας ένεργείας διά τήν ταχείαν διευθέτησιν τού ζητήματος, ώστε νά μή παρατηρηθή καθυστέρησις είς τήν έφαρμογήν τών μέτρων. Έξ άλλου, ό άρμόδιος ύπουργός ώς έδήλωσεν, ή κυβέρνησις παρακολουθεί στενώς τάς έξελίξεις καί άναμένεται νά λάβη άποφάσεις έντός τών προσεχών ήμερών.

ΧΡΗΜΑΤΙΣΤΗΡΙΑ ΕΞΩΤΕΡΙΚΟΥ
Τά έλληνικά δάνεια εις τήν άγοράν Λονδίνου

Ή ΑΝΑΚΟΙΝΩΣΙΣ άνεκοινώθη χθές ύπό τού ύπουργείου ότι αί σχετικαί διατάξεις θά ίσχύσουν άπό τής δημοσιεύσεως τού διατάγματος. Κατά τάς πληροφορίας, αί άρμόδιαι ύπηρεσίαι έξετάζουν ήδη τήν ύπόθεσιν καί θά προβούν είς τάς άναγκαίας ένεργείας διά τήν ταχείαν διευθέτησιν τού ζητήματος, ώστε νά μή παρατηρηθή καθυστέρησις είς τήν έφαρμογήν τών μέτρων. Έξ άλλου, ό άρμόδιος ύπουργός ώς έδήλωσεν, ή κυβέρνησις παρακολουθεί στενώς τάς έξελίξεις καί άναμένεται νά λάβη άποφάσεις έντός τών προσεχών ήμερών.

Άγορά συναλλάγματος

Ή ΑΝΑΚΟΙΝΩΣΙΣ άνεκοινώθη χθές ύπό τού ύπουργείου ότι αί σχετικαί διατάξεις θά ίσχύσουν άπό τής δημοσιεύσεως τού διατάγματος. Κατά τάς πληροφορίας, αί άρμόδιαι ύπηρεσίαι έξετάζουν ήδη τήν ύπόθεσιν καί θά προβούν είς τάς άναγκαίας ένεργείας διά τήν ταχείαν διευθέτησιν τού ζητήματος, ώστε νά μή παρατηρηθή καθυστέρησις είς τήν έφαρμογήν τών μέτρων. Έξ άλλου, ό άρμόδιος ύπουργός ώς έδήλωσεν, ή κυβέρνησις παρακολουθεί στενώς τάς έξελίξεις καί άναμένεται νά λάβη άποφάσεις έντός τών προσεχών ήμερών.

Έλευθέρα: άγορά ξένων χαρτονομισμάτων

Ή ΑΝΑΚΟΙΝΩΣΙΣ άνεκοινώθη χθές ύπό τού ύπουργείου ότι αί σχετικαί διατάξεις θά ίσχύσουν άπό τής δημοσιεύσεως τού διατάγματος. Κατά τάς πληροφορίας, αί άρμόδιαι ύπηρεσίαι έξετάζουν ήδη τήν ύπόθεσιν καί θά προβούν είς τάς άναγκαίας ένεργείας διά τήν ταχείαν διευθέτησιν τού ζητήματος, ώστε νά μή παρατηρηθή καθυστέρησις είς τήν έφαρμογήν τών μέτρων. Έξ άλλου, ό άρμόδιος ύπουργός ώς έδήλωσεν, ή κυβέρνησις παρακολουθεί στενώς τάς έξελίξεις καί άναμένεται νά λάβη άποφάσεις έντός τών προσεχών ήμερών.

Ή διεθνής άγορά χρυσού

Ή ΑΝΑΚΟΙΝΩΣΙΣ άνεκοινώθη χθές ύπό τού ύπουργείου ότι αί σχετικαί διατάξεις θά ίσχύσουν άπό τής δημοσιεύσεως τού διατάγματος. Κατά τάς πληροφορίας, αί άρμόδιαι ύπηρεσίαι έξετάζουν ήδη τήν ύπόθεσιν καί θά προβούν είς τάς άναγκαίας ένεργείας διά τήν ταχείαν διευθέτησιν τού ζητήματος, ώστε νά μή παρατηρηθή καθυστέρησις είς τήν έφαρμογήν τών μέτρων. Έξ άλλου, ό άρμόδιος ύπουργός ώς έδήλωσεν, ή κυβέρνησις παρακολουθεί στενώς τάς έξελίξεις καί άναμένεται νά λάβη άποφάσεις έντός τών προσεχών ήμερών.

ΝΕΟΝ ΥΠΟΚΑΤΑΣΤΗΜΑ ΤΗΣ ΤΡΑΠΕΖΗΣ ΕΜΠΟΡΙΚΗΣ ΠΙΣΤΕΩΣ ΕΙΣ ΧΑΛΚΙΔΑ

Ή ΑΝΑΚΟΙΝΩΣΙΣ άνεκοινώθη χθές ύπό τού ύπουργείου ότι αί σχετικαί διατάξεις θά ίσχύσουν άπό τής δημοσιεύσεως τού διατάγματος. Κατά τάς πληροφορίας, αί άρμόδιαι ύπηρεσίαι έξετάζουν ήδη τήν ύπόθεσιν καί θά προβούν είς τάς άναγκαίας ένεργείας διά τήν ταχείαν διευθέτησιν τού ζητήματος, ώστε νά μή παρατηρηθή καθυστέρησις είς τήν έφαρμογήν τών μέτρων. Έξ άλλου, ό άρμόδιος ύπουργός ώς έδήλωσεν, ή κυβέρνησις παρακολουθεί στενώς τάς έξελίξεις καί άναμένεται νά λάβη άποφάσεις έντός τών προσεχών ήμερών.

Ή χρυσή λίρα

Ή ΑΝΑΚΟΙΝΩΣΙΣ άνεκοινώθη χθές ύπό τού ύπουργείου ότι αί σχετικαί διατάξεις θά ίσχύσουν άπό τής δημοσιεύσεως τού διατάγματος. Κατά τάς πληροφορίας, αί άρμόδιαι ύπηρεσίαι έξετάζουν ήδη τήν ύπόθεσιν καί θά προβούν είς τάς άναγκαίας ένεργείας διά τήν ταχείαν διευθέτησιν τού ζητήματος, ώστε νά μή παρατηρηθή καθυστέρησις είς τήν έφαρμογήν τών μέτρων. Έξ άλλου, ό άρμόδιος ύπουργός ώς έδήλωσεν, ή κυβέρνησις παρακολουθεί στενώς τάς έξελίξεις καί άναμένεται νά λάβη άποφάσεις έντός τών προσεχών ήμερών.

Αί τιμαί τών μετάλλων

Ή ΑΝΑΚΟΙΝΩΣΙΣ άνεκοινώθη χθές ύπό τού ύπουργείου ότι αί σχετικαί διατάξεις θά ίσχύσουν άπό τής δημοσιεύσεως τού διατάγματος. Κατά τάς πληροφορίας, αί άρμόδιαι ύπηρεσίαι έξετάζουν ήδη τήν ύπόθεσιν καί θά προβούν είς τάς άναγκαίας ένεργείας διά τήν ταχείαν διευθέτησιν τού ζητήματος, ώστε νά μή παρατηρηθή καθυστέρησις είς τήν έφαρμογήν τών μέτρων. Έξ άλλου, ό άρμόδιος ύπουργός ώς έδήλωσεν, ή κυβέρνησις παρακολουθεί στενώς τάς έξελίξεις καί άναμένεται νά λάβη άποφάσεις έντός τών προσεχών ήμερών.

ΑΙ ΕΠΙΔΟΤΗΣΕΙΣ ΔΙΑ ΤΗΝ ΑΝΑΔΙΑΡΘΡΩΣΙΝ ΤΩΝ ΚΑΛΛΙΕΡΓΕΙΩΝ

Ή ΑΝΑΚΟΙΝΩΣΙΣ άνεκοινώθη χθές ύπό τού ύπουργείου ότι αί σχετικαί διατάξεις θά ίσχύσουν άπό τής δημοσιεύσεως τού διατάγματος. Κατά τάς πληροφορίας, αί άρμόδιαι ύπηρεσίαι έξετάζουν ήδη τήν ύπόθεσιν καί θά προβούν είς τάς άναγκαίας ένεργείας διά τήν ταχείαν διευθέτησιν τού ζητήματος, ώστε νά μή παρατηρηθή καθυστέρησις είς τήν έφαρμογήν τών μέτρων. Έξ άλλου, ό άρμόδιος ύπουργός ώς έδήλωσεν, ή κυβέρνησις παρακολουθεί στενώς τάς έξελίξεις καί άναμένεται νά λάβη άποφάσεις έντός τών προσεχών ήμερών.

ΑΠΕΣΥΡΘΗ ΤΟ ΝΙΣΚΕΔΔΟΝ ΠΕΡΙ ΠΡΟΣΤΑΣΙΑΣ ΤΟΥ ΧΑΛΥΒΟΥΡΓΕΙΟΥ ΠΑΠΠΑΣ

Ή ΑΝΑΚΟΙΝΩΣΙΣ άνεκοινώθη χθές ύπό τού ύπουργείου ότι αί σχετικαί διατάξεις θά ίσχύσουν άπό τής δημοσιεύσεως τού διατάγματος. Κατά τάς πληροφορίας, αί άρμόδιαι ύπηρεσίαι έξετάζουν ήδη τήν ύπόθεσιν καί θά προβούν είς τάς άναγκαίας ένεργείας διά τήν ταχείαν διευθέτησιν τού ζητήματος, ώστε νά μή παρατηρηθή καθυστέρησις είς τήν έφαρμογήν τών μέτρων. Έξ άλλου, ό άρμόδιος ύπουργός ώς έδήλωσεν, ή κυβέρνησις παρακολουθεί στενώς τάς έξελίξεις καί άναμένεται νά λάβη άποφάσεις έντός τών προσεχών ήμερών.

ΑΙ ΑΠΑΙΤΗΣΕΙΣ ΤΩΝ ΒΙΟΜΗΧΑΝΙΚΩΝ ΕΡΓΑΤΩΝ ΤΩΝ ΚΑΠΝΟΒΙΟΜΗΧΑΝΙΩΝ

Ή ΑΝΑΚΟΙΝΩΣΙΣ άνεκοινώθη χθές ύπό τού ύπουργείου ότι αί σχετικαί διατάξεις θά ίσχύσουν άπό τής δημοσιεύσεως τού διατάγματος. Κατά τάς πληροφορίας, αί άρμόδιαι ύπηρεσίαι έξετάζουν ήδη τήν ύπόθεσιν καί θά προβούν είς τάς άναγκαίας ένεργείας διά τήν ταχείαν διευθέτησιν τού ζητήματος, ώστε νά μή παρατηρηθή καθυστέρησις είς τήν έφαρμογήν τών μέτρων. Έξ άλλου, ό άρμόδιος ύπουργός ώς έδήλωσεν, ή κυβέρνησις παρακολουθεί στενώς τάς έξελίξεις καί άναμένεται νά λάβη άποφάσεις έντός τών προσεχών ήμερών.

Η ΑΠΟΣΤΟΛΗ ΤΩΝ ΠΡΩΙΜΩΝ ΤΟΜΑΤΩΝ ΕΚ ΚΡΗΤΗΣ

Ή ΑΝΑΚΟΙΝΩΣΙΣ άνεκοινώθη χθές ύπό τού ύπουργείου ότι αί σχετικαί διατάξεις θά ίσχύσουν άπό τής δημοσιεύσεως τού διατάγματος. Κατά τάς πληροφορίας, αί άρμόδιαι ύπηρεσίαι έξετάζουν ήδη τήν ύπόθεσιν καί θά προβούν είς τάς άναγκαίας ένεργείας διά τήν ταχείαν διευθέτησιν τού ζητήματος, ώστε νά μή παρατηρηθή καθυστέρησις είς τήν έφαρμογήν τών μέτρων. Έξ άλλου, ό άρμόδιος ύπουργός ώς έδήλωσεν, ή κυβέρνησις παρακολουθεί στενώς τάς έξελίξεις καί άναμένεται νά λάβη άποφάσεις έντός τών προσεχών ήμερών.

ΕΙΣ 46.000 ΤΟΝ. ΑΝΗΛΘΟΝ ΑΙ ΕΞΑΓΩΓΑΙ ΣΤΑΦΥΛΙΩΝ

Ή ΑΝΑΚΟΙΝΩΣΙΣ άνεκοινώθη χθές ύπό τού ύπουργείου ότι αί σχετικαί διατάξεις θά ίσχύσουν άπό τής δημοσιεύσεως τού διατάγματος. Κατά τάς πληροφορίας, αί άρμόδιαι ύπηρεσίαι έξετάζουν ήδη τήν ύπόθεσιν καί θά προβούν είς τάς άναγκαίας ένεργείας διά τήν ταχείαν διευθέτησιν τού ζητήματος, ώστε νά μή παρατηρηθή καθυστέρησις είς τήν έφαρμογήν τών μέτρων. Έξ άλλου, ό άρμόδιος ύπουργός ώς έδήλωσεν, ή κυβέρνησις παρακολουθεί στενώς τάς έξελίξεις καί άναμένεται νά λάβη άποφάσεις έντός τών προσεχών ήμερών.
